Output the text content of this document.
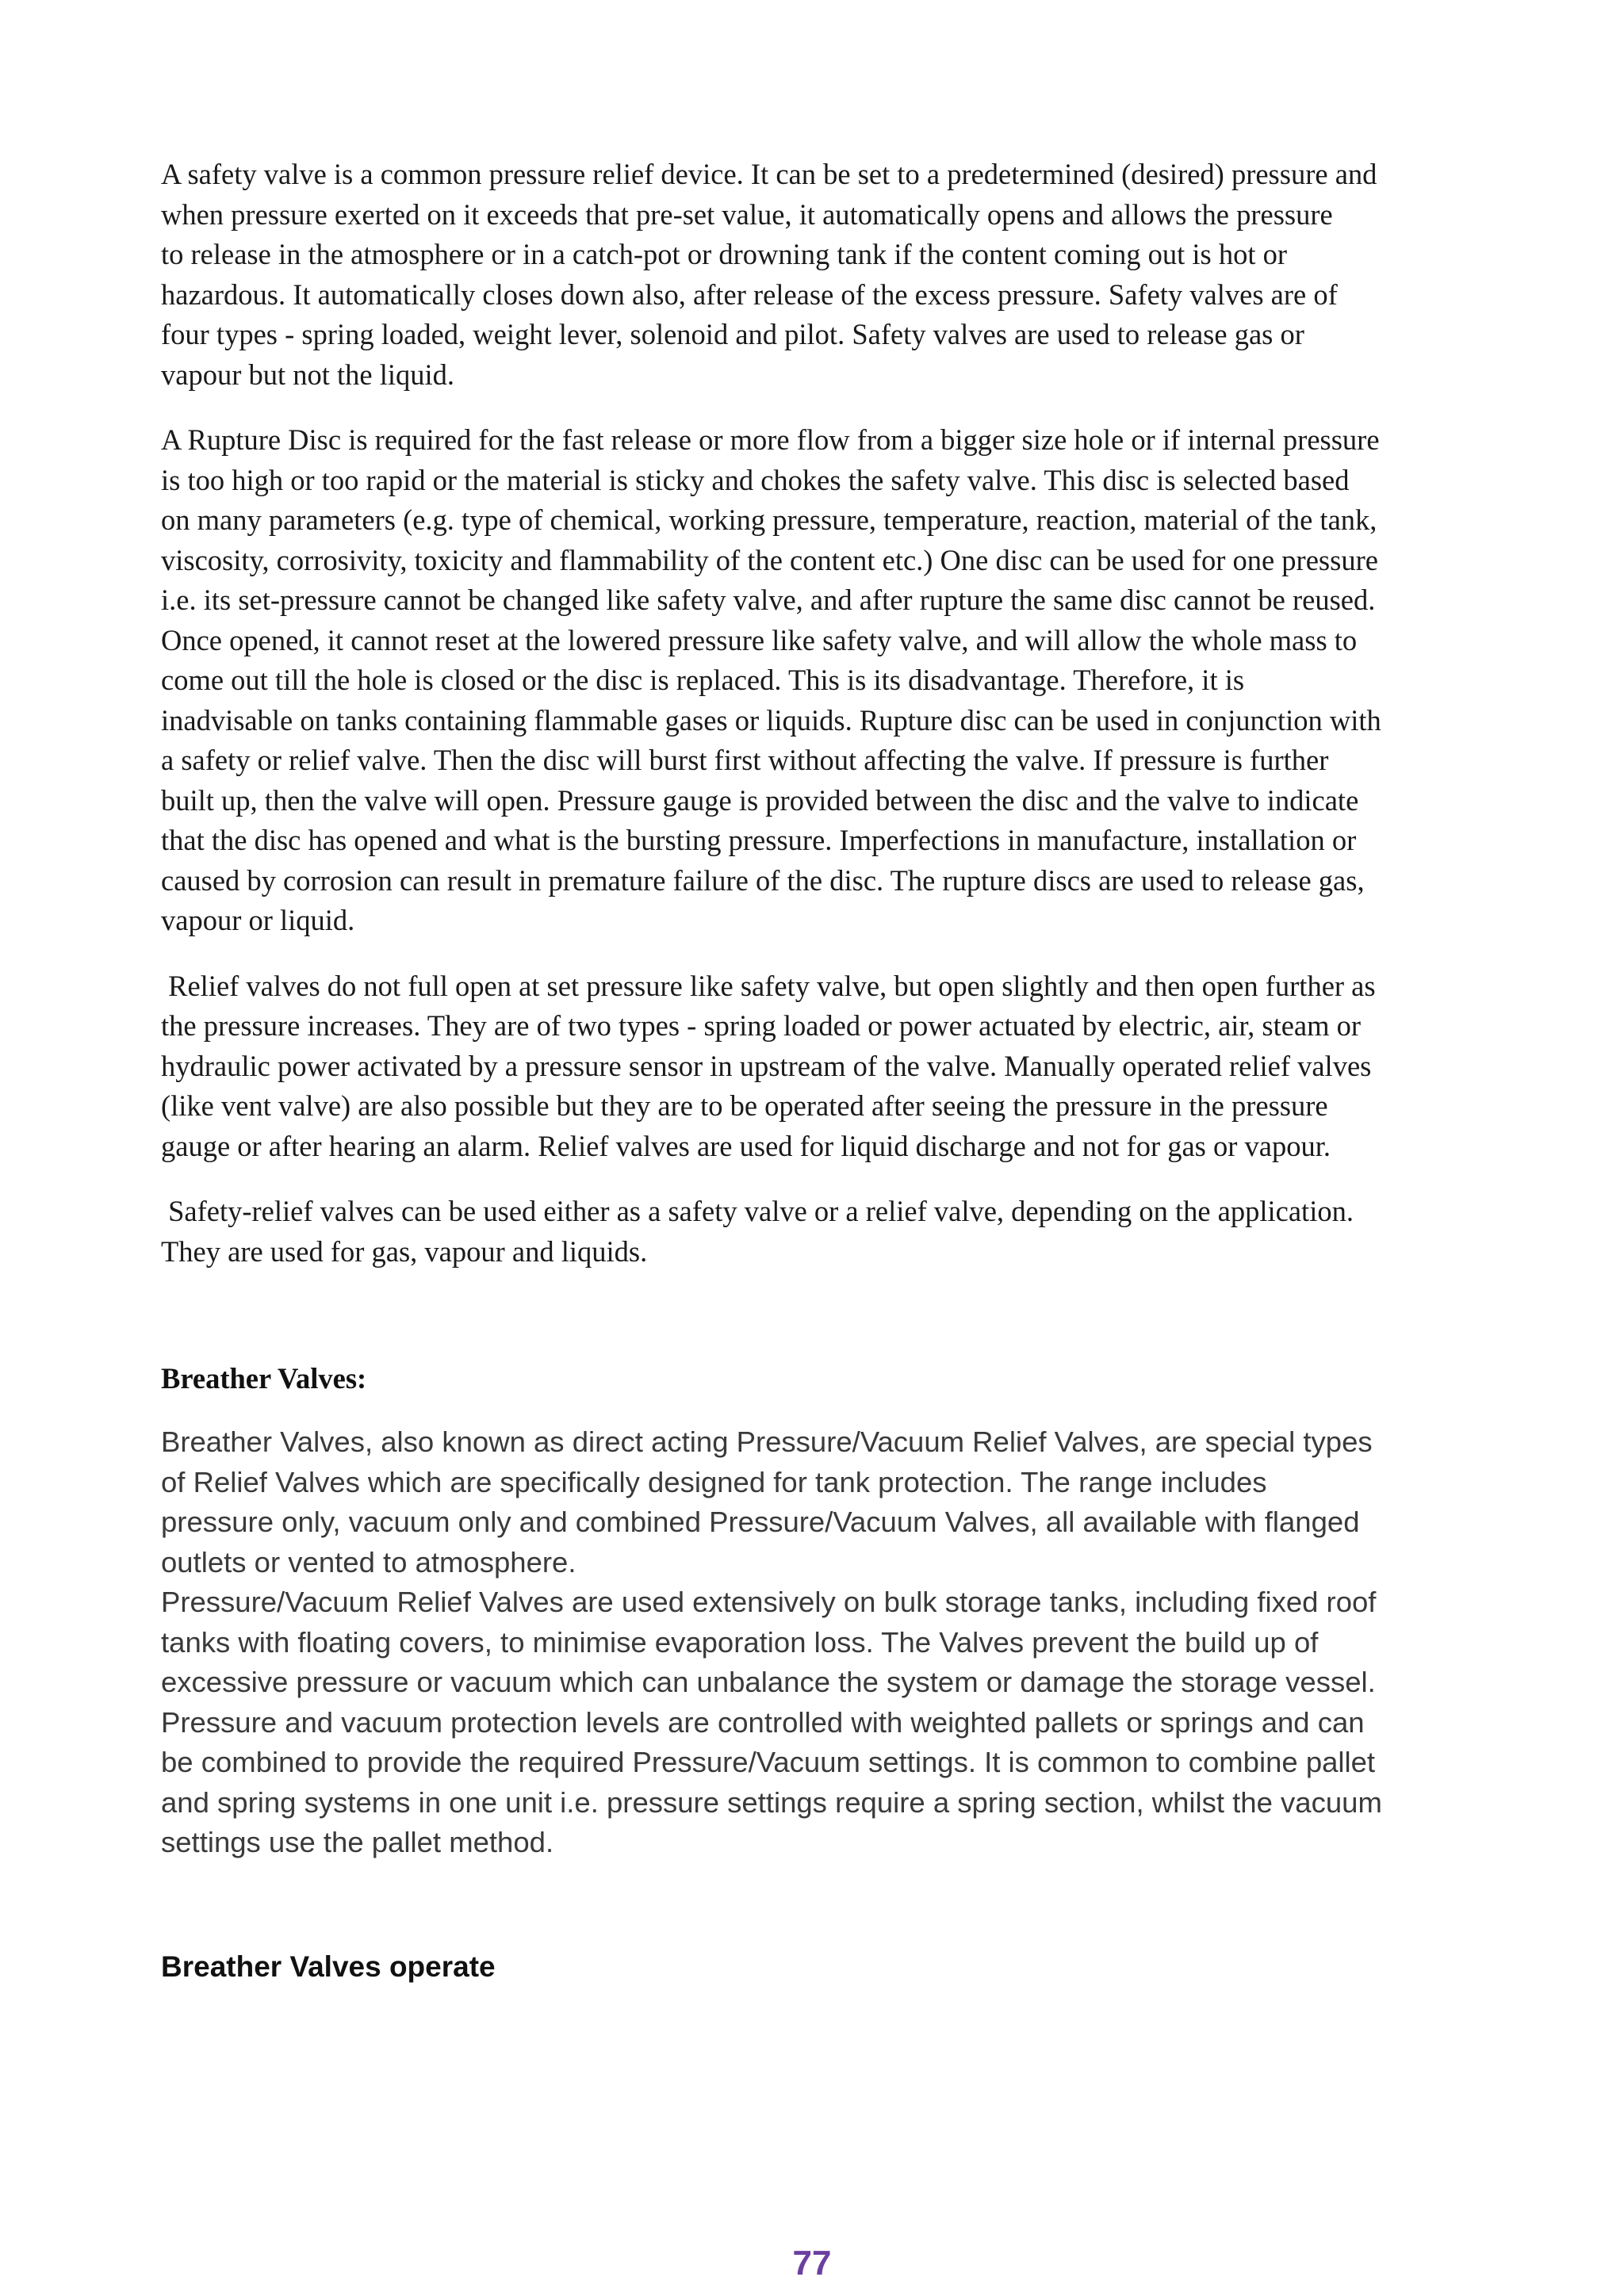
A safety valve is a common pressure relief device. It can be set to a predetermined (desired) pressure and
when pressure exerted on it exceeds that pre-set value, it automatically opens and allows the pressure
to release in the atmosphere or in a catch-pot or drowning tank if the content coming out is hot or
hazardous. It automatically closes down also, after release of the excess pressure. Safety valves are of
four types - spring loaded, weight lever, solenoid and pilot. Safety valves are used to release gas or
vapour but not the liquid.

A Rupture Disc is required for the fast release or more flow from a bigger size hole or if internal pressure
is too high or too rapid or the material is sticky and chokes the safety valve. This disc is selected based
on many parameters (e.g. type of chemical, working pressure, temperature, reaction, material of the tank,
viscosity, corrosivity, toxicity and flammability of the content etc.) One disc can be used for one pressure
i.e. its set-pressure cannot be changed like safety valve, and after rupture the same disc cannot be reused.
Once opened, it cannot reset at the lowered pressure like safety valve, and will allow the whole mass to
come out till the hole is closed or the disc is replaced. This is its disadvantage. Therefore, it is
inadvisable on tanks containing flammable gases or liquids. Rupture disc can be used in conjunction with
a safety or relief valve. Then the disc will burst first without affecting the valve. If pressure is further
built up, then the valve will open. Pressure gauge is provided between the disc and the valve to indicate
that the disc has opened and what is the bursting pressure. Imperfections in manufacture, installation or
caused by corrosion can result in premature failure of the disc. The rupture discs are used to release gas,
vapour or liquid.

Relief valves do not full open at set pressure like safety valve, but open slightly and then open further as
the pressure increases. They are of two types - spring loaded or power actuated by electric, air, steam or
hydraulic power activated by a pressure sensor in upstream of the valve. Manually operated relief valves
(like vent valve) are also possible but they are to be operated after seeing the pressure in the pressure
gauge or after hearing an alarm. Relief valves are used for liquid discharge and not for gas or vapour.

Safety-relief valves can be used either as a safety valve or a relief valve, depending on the application.
They are used for gas, vapour and liquids.

Breather Valves:

Breather Valves, also known as direct acting Pressure/Vacuum Relief Valves, are special types
of Relief Valves which are specifically designed for tank protection. The range includes
pressure only, vacuum only and combined Pressure/Vacuum Valves, all available with flanged
outlets or vented to atmosphere.
Pressure/Vacuum Relief Valves are used extensively on bulk storage tanks, including fixed roof
tanks with floating covers, to minimise evaporation loss. The Valves prevent the build up of
excessive pressure or vacuum which can unbalance the system or damage the storage vessel.
Pressure and vacuum protection levels are controlled with weighted pallets or springs and can
be combined to provide the required Pressure/Vacuum settings. It is common to combine pallet
and spring systems in one unit i.e. pressure settings require a spring section, whilst the vacuum
settings use the pallet method.

Breather Valves operate
77
